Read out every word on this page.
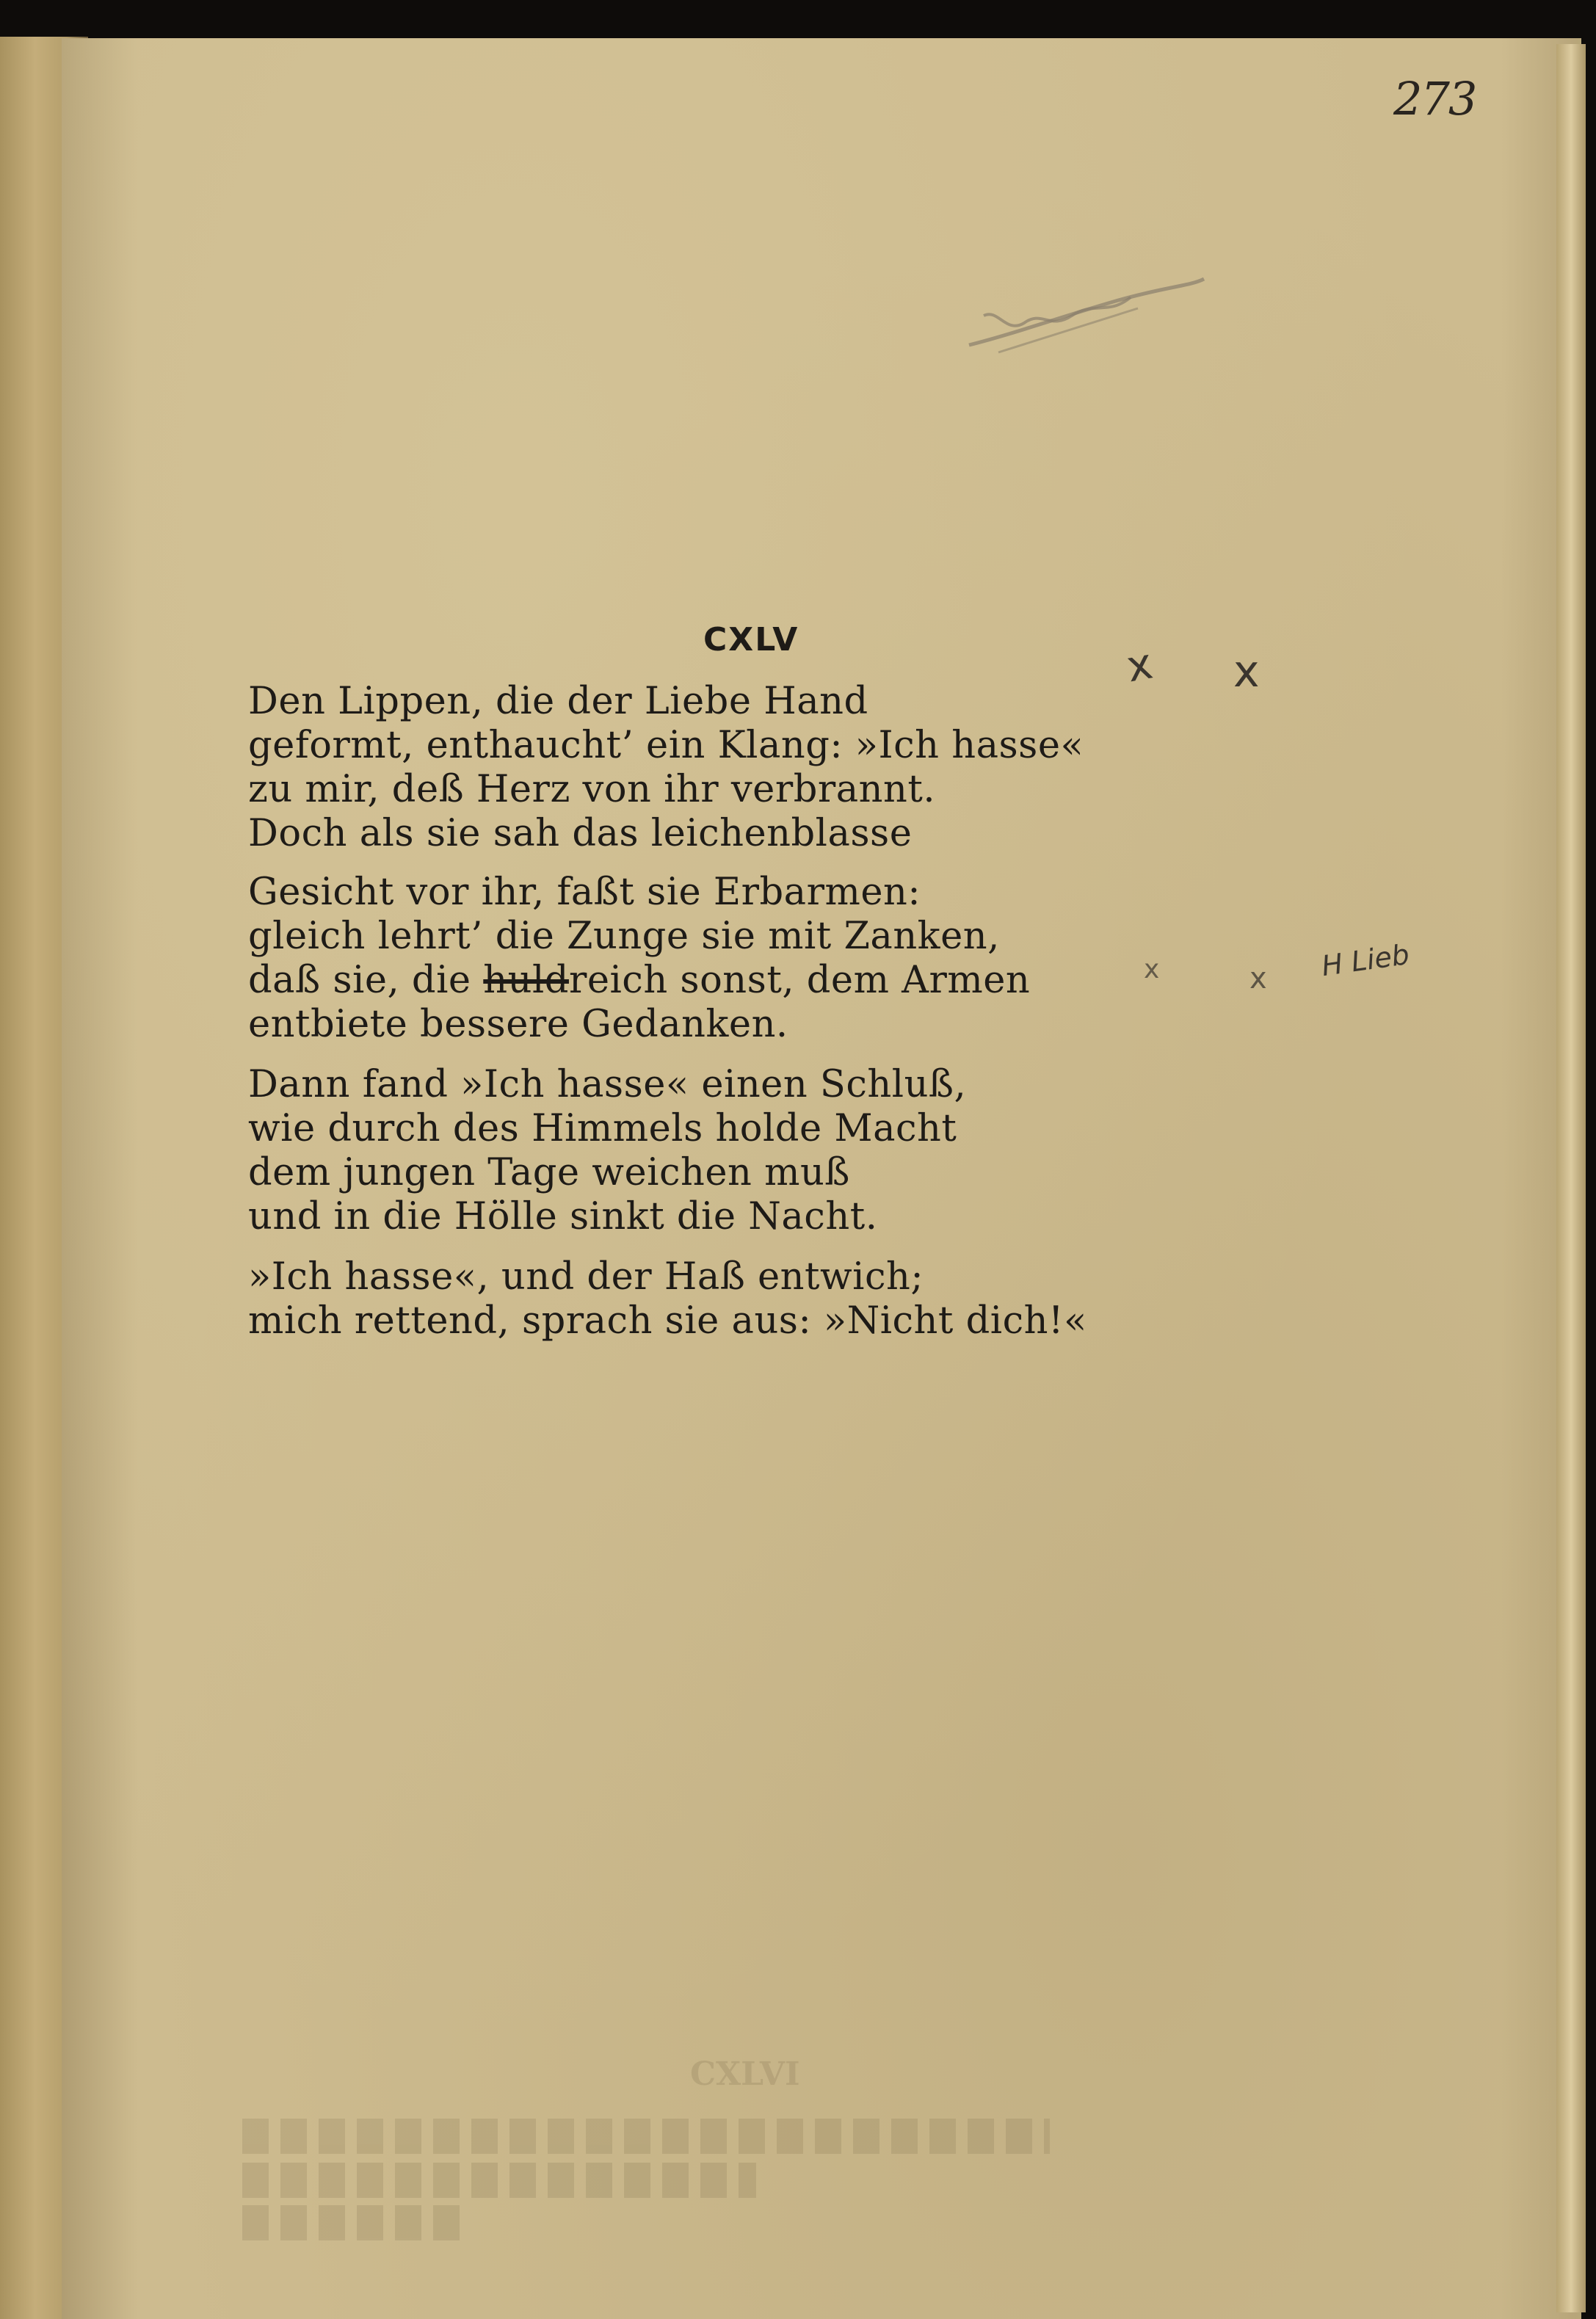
273
CXLV
Den Lippen, die der Liebe Hand
geformt, enthaucht’ ein Klang: »Ich hasse«
zu mir, deß Herz von ihr verbrannt.
Doch als sie sah das leichenblasse
Gesicht vor ihr, faßt sie Erbarmen:
gleich lehrt’ die Zunge sie mit Zanken,
daß sie, die huldreich sonst, dem Armen
entbiete bessere Gedanken.
Dann fand »Ich hasse« einen Schluß,
wie durch des Himmels holde Macht
dem jungen Tage weichen muß
und in die Hölle sinkt die Nacht.
»Ich hasse«, und der Haß entwich;
mich rettend, sprach sie aus: »Nicht dich!«
x x
H Lieb
x	x
CXLVI
